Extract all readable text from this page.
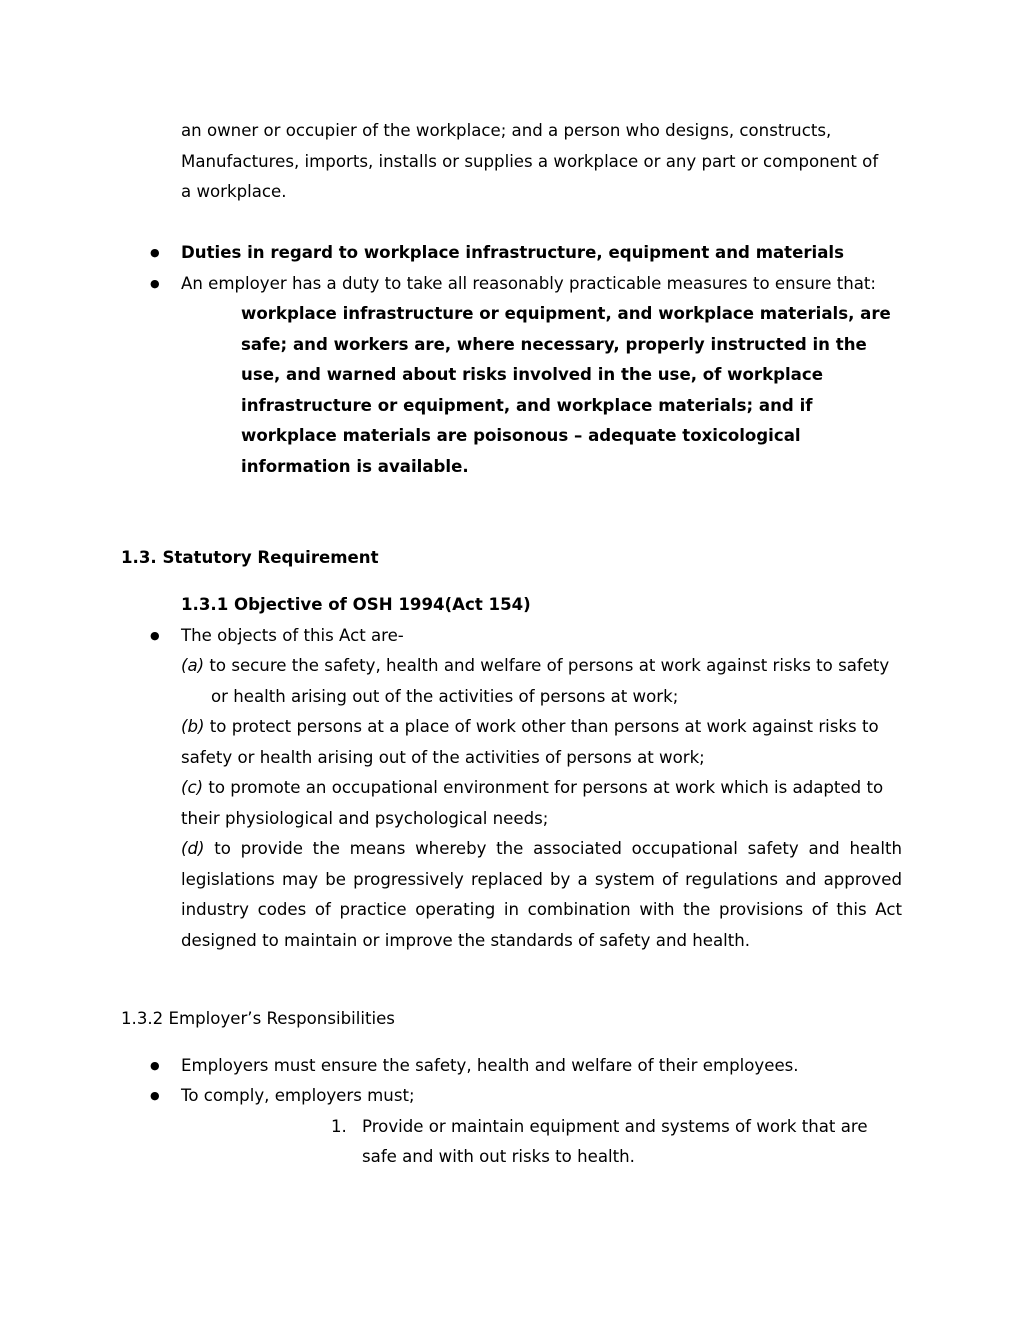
an owner or occupier of the workplace; and a person who designs, constructs,
Manufactures, imports, installs or supplies a workplace or any part or component of
a workplace.
● Duties in regard to workplace infrastructure, equipment and materials
● An employer has a duty to take all reasonably practicable measures to ensure that:
workplace infrastructure or equipment, and workplace materials, are
safe; and workers are, where necessary, properly instructed in the
use, and warned about risks involved in the use, of workplace
infrastructure or equipment, and workplace materials; and if
workplace materials are poisonous – adequate toxicological
information is available.
1.3. Statutory Requirement
1.3.1 Objective of OSH 1994(Act 154)
● The objects of this Act are-
(a) to secure the safety, health and welfare of persons at work against risks to safety
or health arising out of the activities of persons at work;
(b) to protect persons at a place of work other than persons at work against risks to
safety or health arising out of the activities of persons at work;
(c) to promote an occupational environment for persons at work which is adapted to
their physiological and psychological needs;
(d) to provide the means whereby the associated occupational safety and health
legislations may be progressively replaced by a system of regulations and approved
industry codes of practice operating in combination with the provisions of this Act
designed to maintain or improve the standards of safety and health.
1.3.2 Employer’s Responsibilities
● Employers must ensure the safety, health and welfare of their employees.
● To comply, employers must;
1. Provide or maintain equipment and systems of work that are
safe and with out risks to health.
